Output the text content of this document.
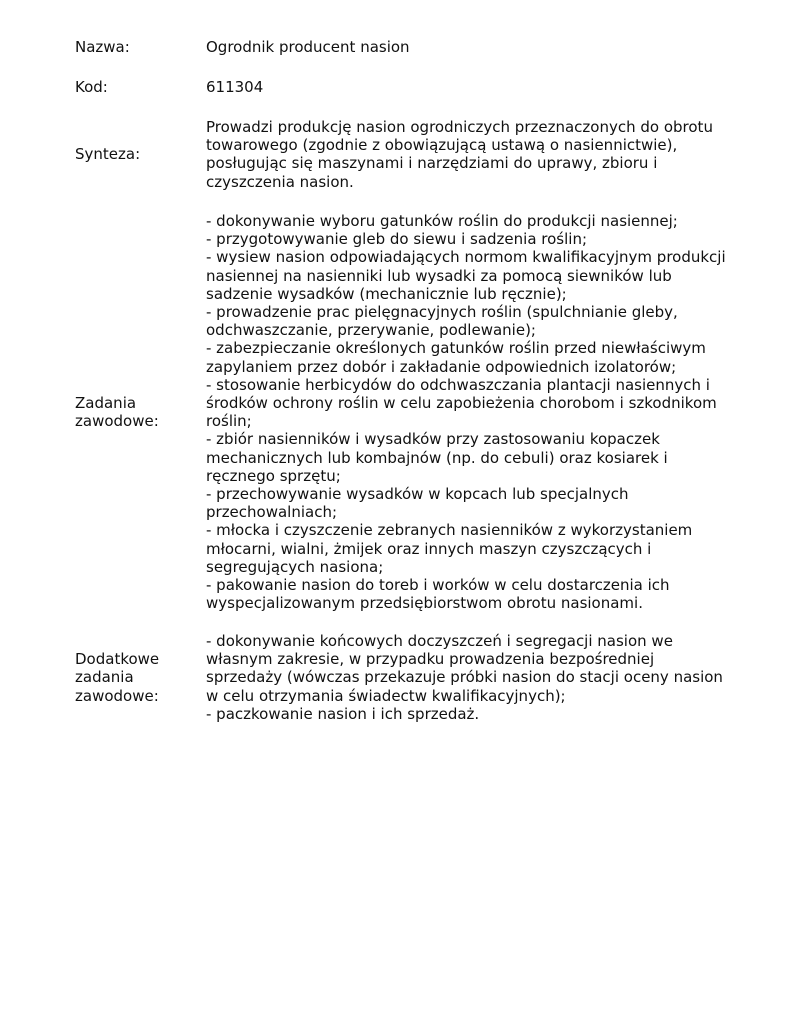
Nazwa:	Ogrodnik producent nasion
Kod:	611304
Synteza:
Prowadzi produkcję nasion ogrodniczych przeznaczonych do obrotu
towarowego (zgodnie z obowiązującą ustawą o nasiennictwie),
posługując się maszynami i narzędziami do uprawy, zbioru i
czyszczenia nasion.
Zadania
zawodowe:
- dokonywanie wyboru gatunków roślin do produkcji nasiennej;
- przygotowywanie gleb do siewu i sadzenia roślin;
- wysiew nasion odpowiadających normom kwalifikacyjnym produkcji
nasiennej na nasienniki lub wysadki za pomocą siewników lub
sadzenie wysadków (mechanicznie lub ręcznie);
- prowadzenie prac pielęgnacyjnych roślin (spulchnianie gleby,
odchwaszczanie, przerywanie, podlewanie);
- zabezpieczanie określonych gatunków roślin przed niewłaściwym
zapylaniem przez dobór i zakładanie odpowiednich izolatorów;
- stosowanie herbicydów do odchwaszczania plantacji nasiennych i
środków ochrony roślin w celu zapobieżenia chorobom i szkodnikom
roślin;
- zbiór nasienników i wysadków przy zastosowaniu kopaczek
mechanicznych lub kombajnów (np. do cebuli) oraz kosiarek i
ręcznego sprzętu;
- przechowywanie wysadków w kopcach lub specjalnych
przechowalniach;
- młocka i czyszczenie zebranych nasienników z wykorzystaniem
młocarni, wialni, żmijek oraz innych maszyn czyszczących i
segregujących nasiona;
- pakowanie nasion do toreb i worków w celu dostarczenia ich
wyspecjalizowanym przedsiębiorstwom obrotu nasionami.
Dodatkowe
zadania
zawodowe:
- dokonywanie końcowych doczyszczeń i segregacji nasion we
własnym zakresie, w przypadku prowadzenia bezpośredniej
sprzedaży (wówczas przekazuje próbki nasion do stacji oceny nasion
w celu otrzymania świadectw kwalifikacyjnych);
- paczkowanie nasion i ich sprzedaż.
